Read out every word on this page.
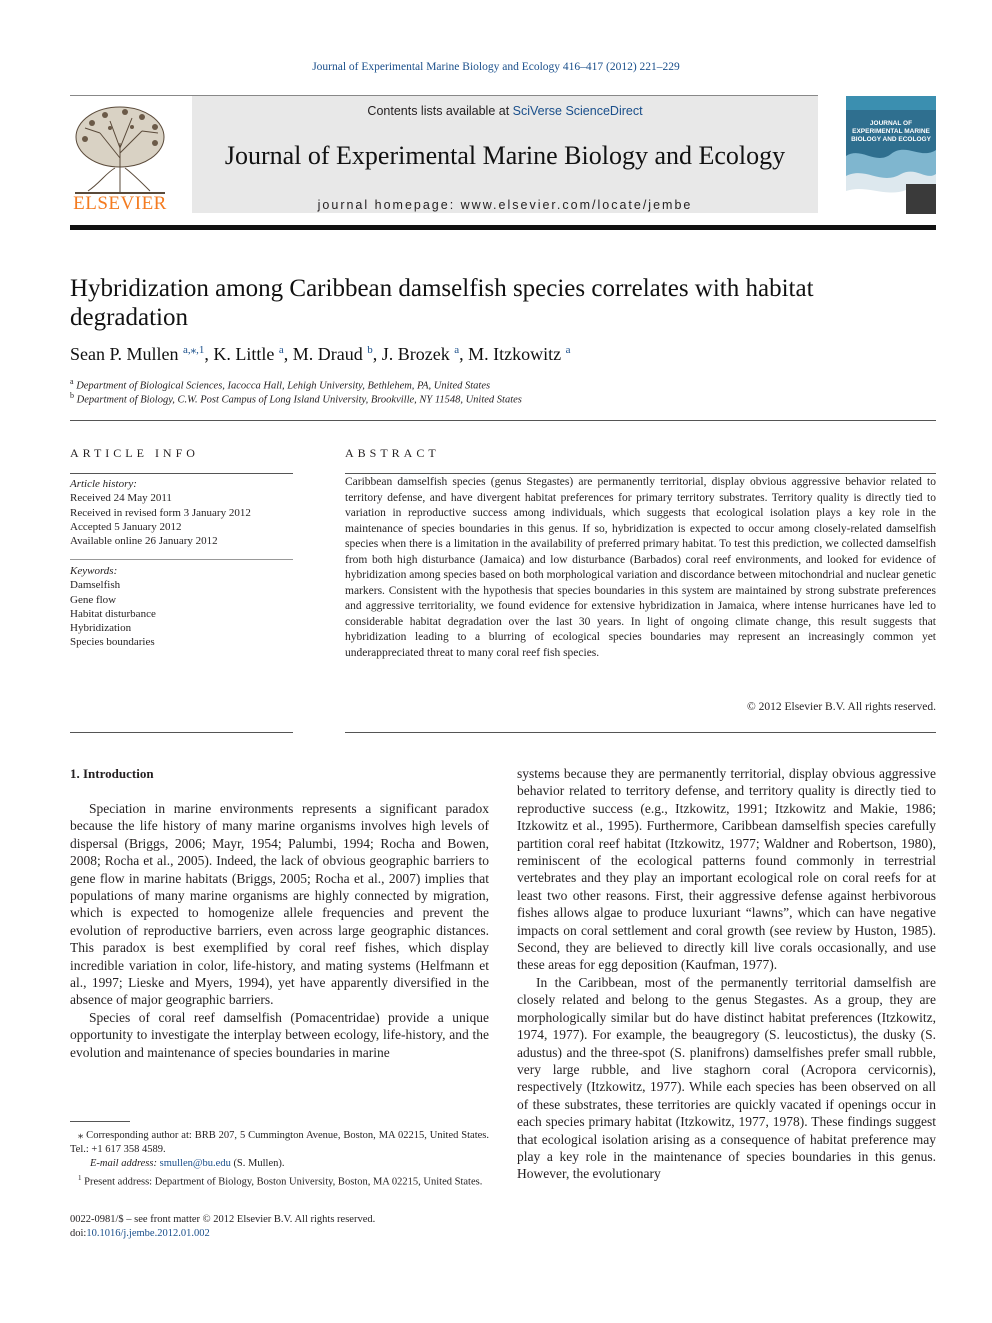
Journal of Experimental Marine Biology and Ecology 416–417 (2012) 221–229
ELSEVIER
Contents lists available at SciVerse ScienceDirect
Journal of Experimental Marine Biology and Ecology
journal homepage: www.elsevier.com/locate/jembe
JOURNAL OF EXPERIMENTAL MARINE BIOLOGY AND ECOLOGY
Hybridization among Caribbean damselfish species correlates with habitat degradation
Sean P. Mullen $^{a,⁎,1}$, K. Little $^a$, M. Draud $^b$, J. Brozek $^a$, M. Itzkowitz $^a$
$^a$ Department of Biological Sciences, Iacocca Hall, Lehigh University, Bethlehem, PA, United States
$^b$ Department of Biology, C.W. Post Campus of Long Island University, Brookville, NY 11548, United States
ARTICLE INFO
Article history:
Received 24 May 2011
Received in revised form 3 January 2012
Accepted 5 January 2012
Available online 26 January 2012
Keywords:
Damselfish
Gene flow
Habitat disturbance
Hybridization
Species boundaries
ABSTRACT
Caribbean damselfish species (genus Stegastes) are permanently territorial, display obvious aggressive behavior related to territory defense, and have divergent habitat preferences for primary territory substrates. Territory quality is directly tied to variation in reproductive success among individuals, which suggests that ecological isolation plays a key role in the maintenance of species boundaries in this genus. If so, hybridization is expected to occur among closely-related damselfish species when there is a limitation in the availability of preferred primary habitat. To test this prediction, we collected damselfish from both high disturbance (Jamaica) and low disturbance (Barbados) coral reef environments, and looked for evidence of hybridization among species based on both morphological variation and discordance between mitochondrial and nuclear genetic markers. Consistent with the hypothesis that species boundaries in this system are maintained by strong substrate preferences and aggressive territoriality, we found evidence for extensive hybridization in Jamaica, where intense hurricanes have led to considerable habitat degradation over the last 30 years. In light of ongoing climate change, this result suggests that hybridization leading to a blurring of ecological species boundaries may represent an increasingly common yet underappreciated threat to many coral reef fish species.
© 2012 Elsevier B.V. All rights reserved.
1. Introduction

Speciation in marine environments represents a significant paradox because the life history of many marine organisms involves high levels of dispersal (Briggs, 2006; Mayr, 1954; Palumbi, 1994; Rocha and Bowen, 2008; Rocha et al., 2005). Indeed, the lack of obvious geographic barriers to gene flow in marine habitats (Briggs, 2005; Rocha et al., 2007) implies that populations of many marine organisms are highly connected by migration, which is expected to homogenize allele frequencies and prevent the evolution of reproductive barriers, even across large geographic distances. This paradox is best exemplified by coral reef fishes, which display incredible variation in color, life-history, and mating systems (Helfmann et al., 1997; Lieske and Myers, 1994), yet have apparently diversified in the absence of major geographic barriers.

Species of coral reef damselfish (Pomacentridae) provide a unique opportunity to investigate the interplay between ecology, life-history, and the evolution and maintenance of species boundaries in marine

systems because they are permanently territorial, display obvious aggressive behavior related to territory defense, and territory quality is directly tied to reproductive success (e.g., Itzkowitz, 1991; Itzkowitz and Makie, 1986; Itzkowitz et al., 1995). Furthermore, Caribbean damselfish species carefully partition coral reef habitat (Itzkowitz, 1977; Waldner and Robertson, 1980), reminiscent of the ecological patterns found commonly in terrestrial vertebrates and they play an important ecological role on coral reefs for at least two other reasons. First, their aggressive defense against herbivorous fishes allows algae to produce luxuriant “lawns”, which can have negative impacts on coral settlement and coral growth (see review by Huston, 1985). Second, they are believed to directly kill live corals occasionally, and use these areas for egg deposition (Kaufman, 1977).

In the Caribbean, most of the permanently territorial damselfish are closely related and belong to the genus Stegastes. As a group, they are morphologically similar but do have distinct habitat preferences (Itzkowitz, 1974, 1977). For example, the beaugregory (S. leucostictus), the dusky (S. adustus) and the three-spot (S. planifrons) damselfishes prefer small rubble, very large rubble, and live staghorn coral (Acropora cervicornis), respectively (Itzkowitz, 1977). While each species has been observed on all of these substrates, these territories are quickly vacated if openings occur in each species primary habitat (Itzkowitz, 1977, 1978). These findings suggest that ecological isolation arising as a consequence of habitat preference may play a key role in the maintenance of species boundaries in this genus. However, the evolutionary

⁎ Corresponding author at: BRB 207, 5 Cummington Avenue, Boston, MA 02215, United States. Tel.: +1 617 358 4589.
E-mail address: smullen@bu.edu (S. Mullen).
$^1$ Present address: Department of Biology, Boston University, Boston, MA 02215, United States.
0022-0981/$ – see front matter © 2012 Elsevier B.V. All rights reserved.
doi:10.1016/j.jembe.2012.01.002
